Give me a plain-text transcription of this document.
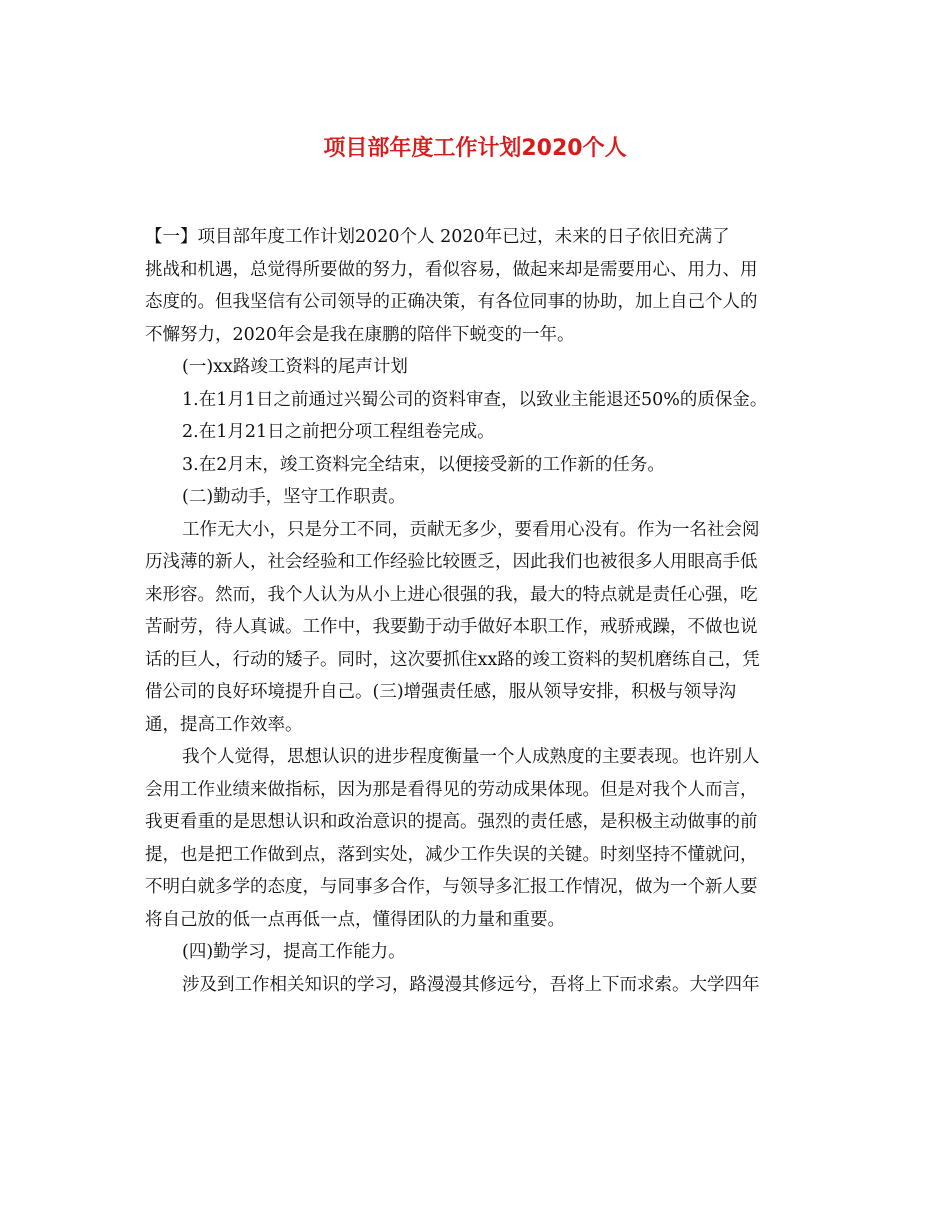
项目部年度工作计划2020个人
【一】项目部年度工作计划2020个人 2020年已过，未来的日子依旧充满了
挑战和机遇，总觉得所要做的努力，看似容易，做起来却是需要用心、用力、用
态度的。但我坚信有公司领导的正确决策，有各位同事的协助，加上自己个人的
不懈努力，2020年会是我在康鹏的陪伴下蜕变的一年。
(一)xx路竣工资料的尾声计划
1.在1月1日之前通过兴蜀公司的资料审查，以致业主能退还50%的质保金。
2.在1月21日之前把分项工程组卷完成。
3.在2月末，竣工资料完全结束，以便接受新的工作新的任务。
(二)勤动手，坚守工作职责。
工作无大小，只是分工不同，贡献无多少，要看用心没有。作为一名社会阅
历浅薄的新人，社会经验和工作经验比较匮乏，因此我们也被很多人用眼高手低
来形容。然而，我个人认为从小上进心很强的我，最大的特点就是责任心强，吃
苦耐劳，待人真诚。工作中，我要勤于动手做好本职工作，戒骄戒躁，不做也说
话的巨人，行动的矮子。同时，这次要抓住xx路的竣工资料的契机磨练自己，凭
借公司的良好环境提升自己。(三)增强责任感，服从领导安排，积极与领导沟
通，提高工作效率。
我个人觉得，思想认识的进步程度衡量一个人成熟度的主要表现。也许别人
会用工作业绩来做指标，因为那是看得见的劳动成果体现。但是对我个人而言，
我更看重的是思想认识和政治意识的提高。强烈的责任感，是积极主动做事的前
提，也是把工作做到点，落到实处，减少工作失误的关键。时刻坚持不懂就问，
不明白就多学的态度，与同事多合作，与领导多汇报工作情况，做为一个新人要
将自己放的低一点再低一点，懂得团队的力量和重要。
(四)勤学习，提高工作能力。
涉及到工作相关知识的学习，路漫漫其修远兮，吾将上下而求索。大学四年
